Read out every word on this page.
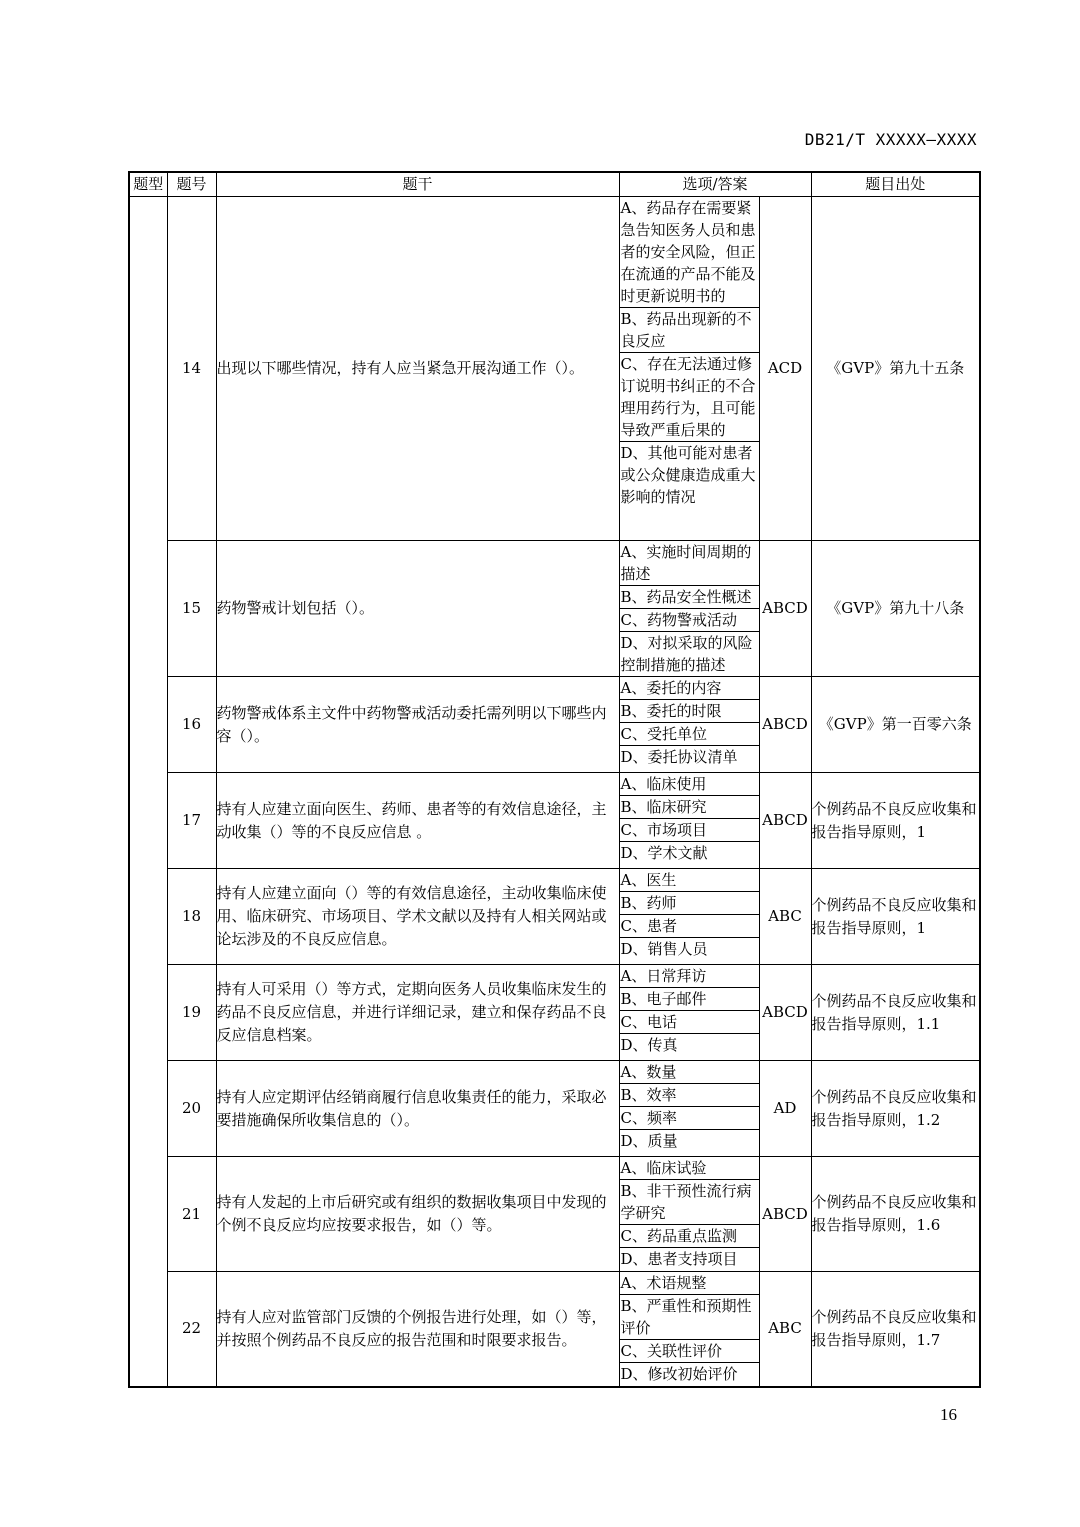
DB21/T XXXXX—XXXX
题型	题号	题干	选项/答案		题目出处
	14	出现以下哪些情况，持有人应当紧急开展沟通工作（）。	A、药品存在需要紧急告知医务人员和患者的安全风险，但正在流通的产品不能及时更新说明书的
B、药品出现新的不良反应
C、存在无法通过修订说明书纠正的不合理用药行为，且可能导致严重后果的
D、其他可能对患者或公众健康造成重大影响的情况	ACD	《GVP》第九十五条
	15	药物警戒计划包括（）。	A、实施时间周期的描述
B、药品安全性概述
C、药物警戒活动
D、对拟采取的风险控制措施的描述	ABCD	《GVP》第九十八条
	16	药物警戒体系主文件中药物警戒活动委托需列明以下哪些内容（）。	A、委托的内容
B、委托的时限
C、受托单位
D、委托协议清单	ABCD	《GVP》第一百零六条
	17	持有人应建立面向医生、药师、患者等的有效信息途径，主动收集（）等的不良反应信息 。	A、临床使用
B、临床研究
C、市场项目
D、学术文献	ABCD	个例药品不良反应收集和报告指导原则，1
	18	持有人应建立面向（）等的有效信息途径，主动收集临床使用、临床研究、市场项目、学术文献以及持有人相关网站或论坛涉及的不良反应信息。	A、医生
B、药师
C、患者
D、销售人员	ABC	个例药品不良反应收集和报告指导原则，1
	19	持有人可采用（）等方式，定期向医务人员收集临床发生的药品不良反应信息，并进行详细记录，建立和保存药品不良反应信息档案。	A、日常拜访
B、电子邮件
C、电话
D、传真	ABCD	个例药品不良反应收集和报告指导原则，1.1
	20	持有人应定期评估经销商履行信息收集责任的能力，采取必要措施确保所收集信息的（）。	A、数量
B、效率
C、频率
D、质量	AD	个例药品不良反应收集和报告指导原则，1.2
	21	持有人发起的上市后研究或有组织的数据收集项目中发现的个例不良反应均应按要求报告，如（）等。	A、临床试验
B、非干预性流行病学研究
C、药品重点监测
D、患者支持项目	ABCD	个例药品不良反应收集和报告指导原则，1.6
	22	持有人应对监管部门反馈的个例报告进行处理，如（）等，并按照个例药品不良反应的报告范围和时限要求报告。	A、术语规整
B、严重性和预期性评价
C、关联性评价
D、修改初始评价	ABC	个例药品不良反应收集和报告指导原则，1.7
16
